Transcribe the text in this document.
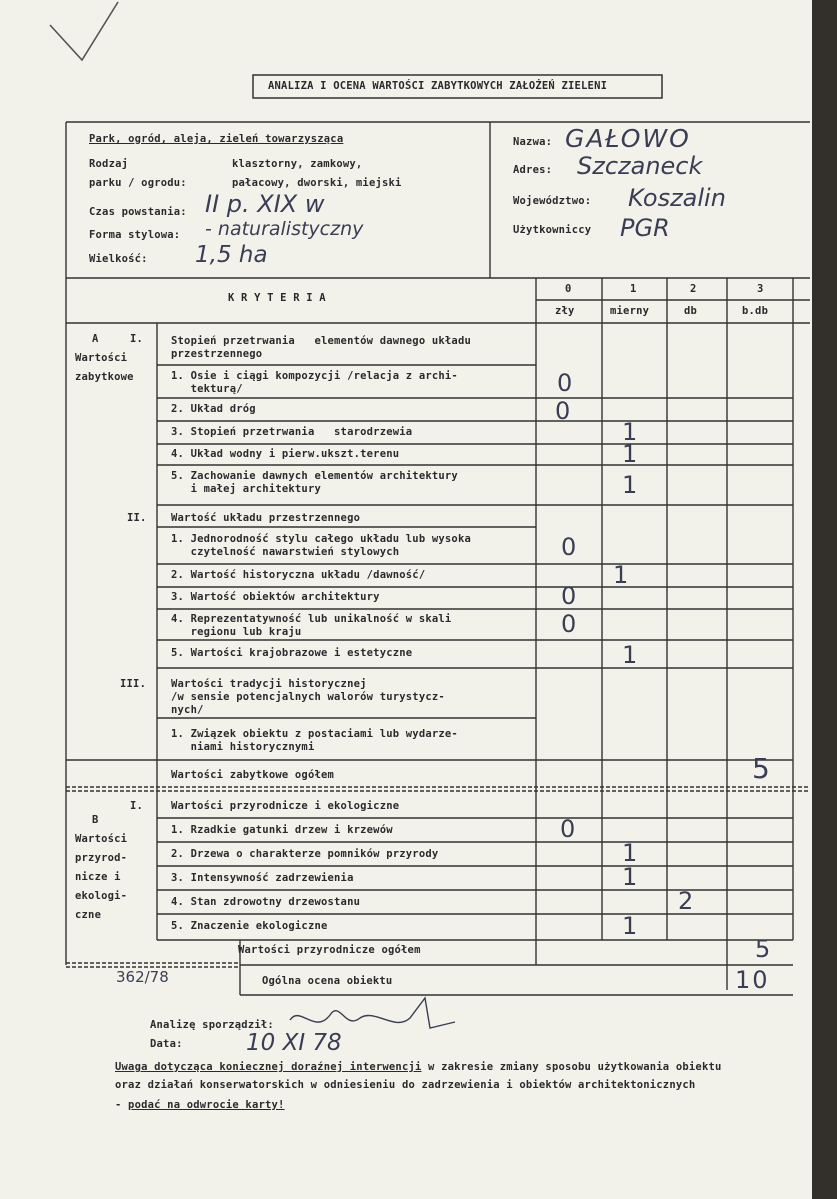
ANALIZA I OCENA WARTOŚCI ZABYTKOWYCH ZAŁOŻEŃ ZIELENI
Park, ogród, aleja, zieleń towarzysząca
Rodzaj
parku / ogrodu:
klasztorny, zamkowy,
pałacowy, dworski, miejski
Czas powstania: II p. XIX w
Forma stylowa: - naturalistyczny
Wielkość: 1,5 ha
Nazwa: GAŁOWO
Adres: Szczaneck
Województwo: Koszalin
Użytkowniccy PGR
K R Y T E R I A
0	1	2	3
zły	mierny	db	b.db
A	I.
Wartości
zabytkowe
Stopień przetrwania   elementów dawnego układu
przestrzennego
II. Wartość układu przestrzennego
III. Wartości tradycji historycznej
/w sensie potencjalnych walorów turystycz-
nych/
Wartości zabytkowe ogółem	5
1. Osie i ciągi kompozycji /relacja z archi-
tekturą/	0
2. Układ dróg	0
3. Stopień przetrwania   starodrzewia	1
4. Układ wodny i pierw.ukszt.terenu	1
5. Zachowanie dawnych elementów architektury
i małej architektury	1
1. Jednorodność stylu całego układu lub wysoka
czytelność nawarstwień stylowych	0
2. Wartość historyczna układu /dawność/	1
3. Wartość obiektów architektury	0
4. Reprezentatywność lub unikalność w skali
regionu lub kraju	0
5. Wartości krajobrazowe i estetyczne	1
1. Związek obiektu z postaciami lub wydarze-
niami historycznymi
I.
B
Wartości
przyrod-
nicze i
ekologi-
czne
Wartości przyrodnicze i ekologiczne
1. Rzadkie gatunki drzew i krzewów	0
2. Drzewa o charakterze pomników przyrody	1
3. Intensywność zadrzewienia	1
4. Stan zdrowotny drzewostanu	2
5. Znaczenie ekologiczne	1
Wartości przyrodnicze ogółem	5
Ogólna ocena obiektu	10
362/78
Analizę sporządził:
Data:	10 XI 78
Uwaga dotycząca koniecznej doraźnej interwencji w zakresie zmiany sposobu użytkowania obiektu
oraz działań konserwatorskich w odniesieniu do zadrzewienia i obiektów architektonicznych
- podać na odwrocie karty!
